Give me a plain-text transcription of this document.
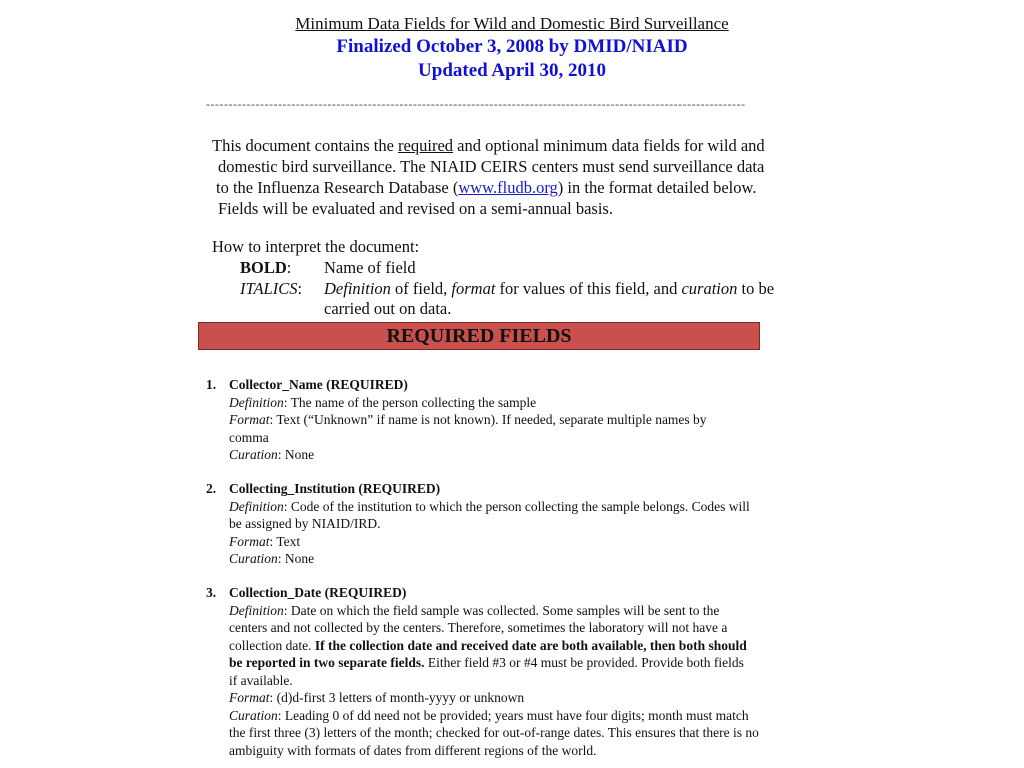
Minimum Data Fields for Wild and Domestic Bird Surveillance
Finalized October 3, 2008 by DMID/NIAID
Updated April 30, 2010
------------------------------------------------------------------------------------------------------------------------
This document contains the required and optional minimum data fields for wild and
domestic bird surveillance. The NIAID CEIRS centers must send surveillance data
to the Influenza Research Database (www.fludb.org) in the format detailed below.
Fields will be evaluated and revised on a semi-annual basis.
How to interpret the document:
BOLD: Name of field
ITALICS: Definition of field, format for values of this field, and curation to be
carried out on data.
REQUIRED FIELDS
1. Collector_Name (REQUIRED)
Definition: The name of the person collecting the sample
Format: Text (“Unknown” if name is not known). If needed, separate multiple names by
comma
Curation: None
2. Collecting_Institution (REQUIRED)
Definition: Code of the institution to which the person collecting the sample belongs. Codes will
be assigned by NIAID/IRD.
Format: Text
Curation: None
3. Collection_Date (REQUIRED)
Definition: Date on which the field sample was collected. Some samples will be sent to the
centers and not collected by the centers. Therefore, sometimes the laboratory will not have a
collection date. If the collection date and received date are both available, then both should
be reported in two separate fields. Either field #3 or #4 must be provided. Provide both fields
if available.
Format: (d)d-first 3 letters of month-yyyy or unknown
Curation: Leading 0 of dd need not be provided; years must have four digits; month must match
the first three (3) letters of the month; checked for out-of-range dates. This ensures that there is no
ambiguity with formats of dates from different regions of the world.
